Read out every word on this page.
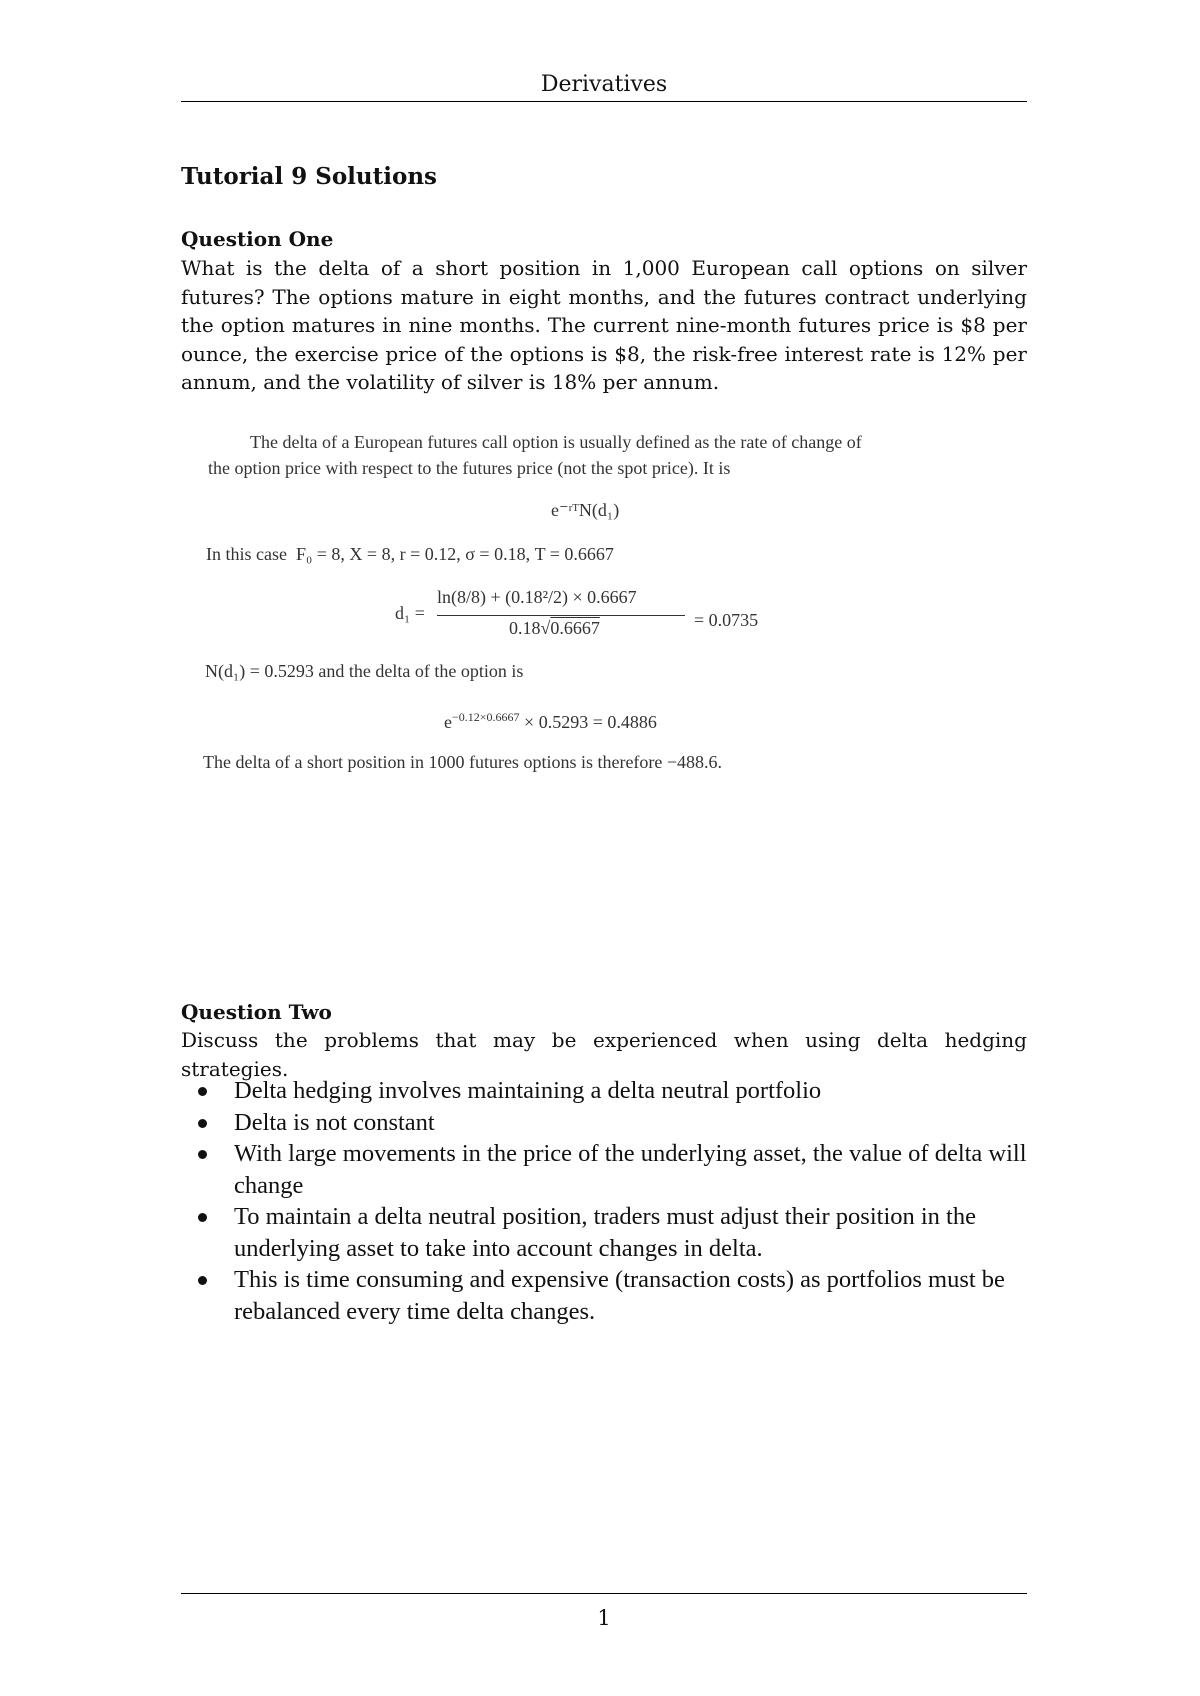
Derivatives
Tutorial 9 Solutions
Question One

What is the delta of a short position in 1,000 European call options on silver futures? The options mature in eight months, and the futures contract underlying the option matures in nine months. The current nine-month futures price is $8 per ounce, the exercise price of the options is $8, the risk-free interest rate is 12% per annum, and the volatility of silver is 18% per annum.

The delta of a European futures call option is usually defined as the rate of change of
the option price with respect to the futures price (not the spot price). It is
e⁻ʳᵀN(d₁)
In this case F₀ = 8, X = 8, r = 0.12, σ = 0.18, T = 0.6667
d₁ =
ln(8/8) + (0.18²/2) × 0.6667
0.18√0.6667	= 0.0735
N(d₁) = 0.5293 and the delta of the option is
$e^{-0.12\times 0.6667} \times 0.5293 = 0.4886$
The delta of a short position in 1000 futures options is therefore −488.6.
Question Two

Discuss the problems that may be experienced when using delta hedging strategies.

Delta hedging involves maintaining a delta neutral portfolio
Delta is not constant
With large movements in the price of the underlying asset, the value of delta will change
To maintain a delta neutral position, traders must adjust their position in the underlying asset to take into account changes in delta.
This is time consuming and expensive (transaction costs) as portfolios must be rebalanced every time delta changes.
1
